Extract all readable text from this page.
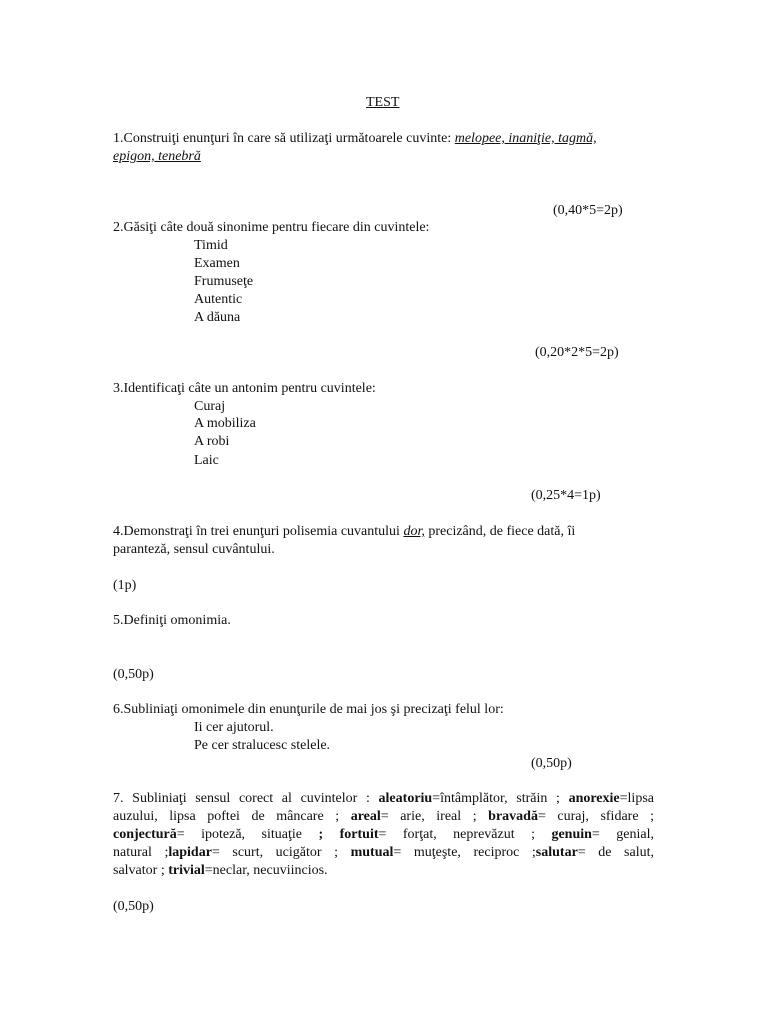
TEST
1.Construiţi enunţuri în care să utilizaţi următoarele cuvinte: melopee, inaniţie, tagmă,
epigon, tenebră
(0,40*5=2p)
2.Găsiţi câte două sinonime pentru fiecare din cuvintele:
Timid
Examen
Frumuseţe
Autentic
A dăuna
(0,20*2*5=2p)
3.Identificaţi câte un antonim pentru cuvintele:
Curaj
A mobiliza
A robi
Laic
(0,25*4=1p)
4.Demonstraţi în trei enunţuri polisemia cuvantului dor, precizând, de fiece dată, îi
paranteză, sensul cuvântului.
(1p)
5.Definiţi omonimia.
(0,50p)
6.Subliniaţi omonimele din enunţurile de mai jos şi precizaţi felul lor:
Ii cer ajutorul.
Pe cer stralucesc stelele.
(0,50p)
7. Subliniaţi sensul corect al cuvintelor : aleatoriu=întâmplător, străin ; anorexie=lipsa
auzului, lipsa poftei de mâncare ; areal= arie, ireal ; bravadă= curaj, sfidare ;
conjectură= ipoteză, situaţie ; fortuit= forţat, neprevăzut ; genuin= genial,
natural ;lapidar= scurt, ucigător ; mutual= muţeşte, reciproc ;salutar= de salut,
salvator ; trivial=neclar, necuviincios.
(0,50p)
